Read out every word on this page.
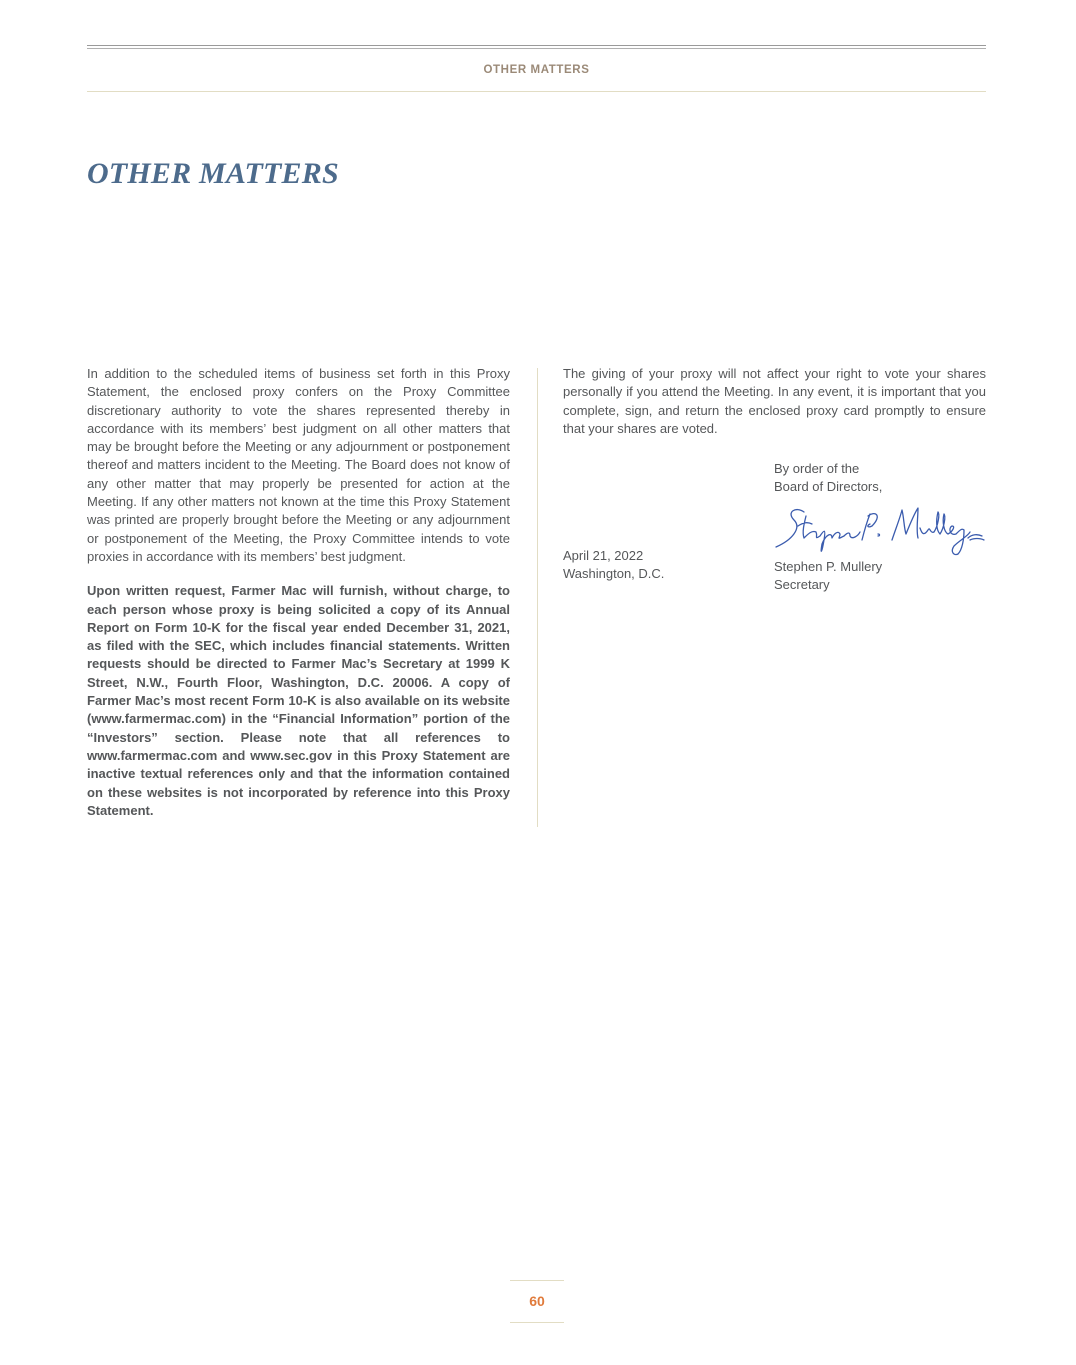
OTHER MATTERS
OTHER MATTERS

In addition to the scheduled items of business set forth in this Proxy Statement, the enclosed proxy confers on the Proxy Committee discretionary authority to vote the shares represented thereby in accordance with its members’ best judgment on all other matters that may be brought before the Meeting or any adjournment or postponement thereof and matters incident to the Meeting. The Board does not know of any other matter that may properly be presented for action at the Meeting. If any other matters not known at the time this Proxy Statement was printed are properly brought before the Meeting or any adjournment or postponement of the Meeting, the Proxy Committee intends to vote proxies in accordance with its members’ best judgment.

Upon written request, Farmer Mac will furnish, without charge, to each person whose proxy is being solicited a copy of its Annual Report on Form 10-K for the fiscal year ended December 31, 2021, as filed with the SEC, which includes financial statements. Written requests should be directed to Farmer Mac’s Secretary at 1999 K Street, N.W., Fourth Floor, Washington, D.C. 20006. A copy of Farmer Mac’s most recent Form 10-K is also available on its website (www.farmermac.com) in the “Financial Information” portion of the “Investors” section. Please note that all references to www.farmermac.com and www.sec.gov in this Proxy Statement are inactive textual references only and that the information contained on these websites is not incorporated by reference into this Proxy Statement.

The giving of your proxy will not affect your right to vote your shares personally if you attend the Meeting. In any event, it is important that you complete, sign, and return the enclosed proxy card promptly to ensure that your shares are voted.

By order of the
Board of Directors,
Stephen P. Mullery
Secretary
April 21, 2022
Washington, D.C.
60
